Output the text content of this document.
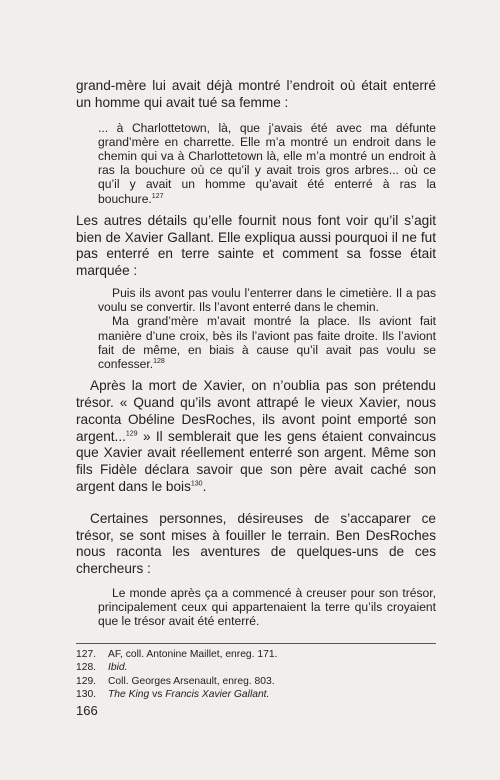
grand-mère lui avait déjà montré l’endroit où était enterré un homme qui avait tué sa femme :

... à Charlottetown, là, que j’avais été avec ma défunte grand’mère en charrette. Elle m’a montré un endroit dans le chemin qui va à Charlottetown là, elle m’a montré un endroit à ras la bouchure où ce qu’il y avait trois gros arbres... où ce qu’il y avait un homme qu’avait été enterré à ras la bouchure.$^{127}$

Les autres détails qu’elle fournit nous font voir qu’il s’agit bien de Xavier Gallant. Elle expliqua aussi pourquoi il ne fut pas enterré en terre sainte et comment sa fosse était marquée :

Puis ils avont pas voulu l’enterrer dans le cimetière. Il a pas voulu se convertir. Ils l’avont enterré dans le chemin.

Ma grand’mère m’avait montré la place. Ils aviont fait manière d’une croix, bès ils l’aviont pas faite droite. Ils l’aviont fait de même, en biais à cause qu’il avait pas voulu se confesser.$^{128}$

Après la mort de Xavier, on n’oublia pas son prétendu trésor. « Quand qu’ils avont attrapé le vieux Xavier, nous raconta Obéline DesRoches, ils avont point emporté son argent...$^{129}$ » Il semblerait que les gens étaient convaincus que Xavier avait réellement enterré son argent. Même son fils Fidèle déclara savoir que son père avait caché son argent dans le bois$^{130}$.

Certaines personnes, désireuses de s’accaparer ce trésor, se sont mises à fouiller le terrain. Ben DesRoches nous raconta les aventures de quelques-uns de ces chercheurs :

Le monde après ça a commencé à creuser pour son trésor, principalement ceux qui appartenaient la terre qu’ils croyaient que le trésor avait été enterré.

127.	AF, coll. Antonine Maillet, enreg. 171.
128.	Ibid.
129.	Coll. Georges Arsenault, enreg. 803.
130.	The King vs Francis Xavier Gallant.
166
